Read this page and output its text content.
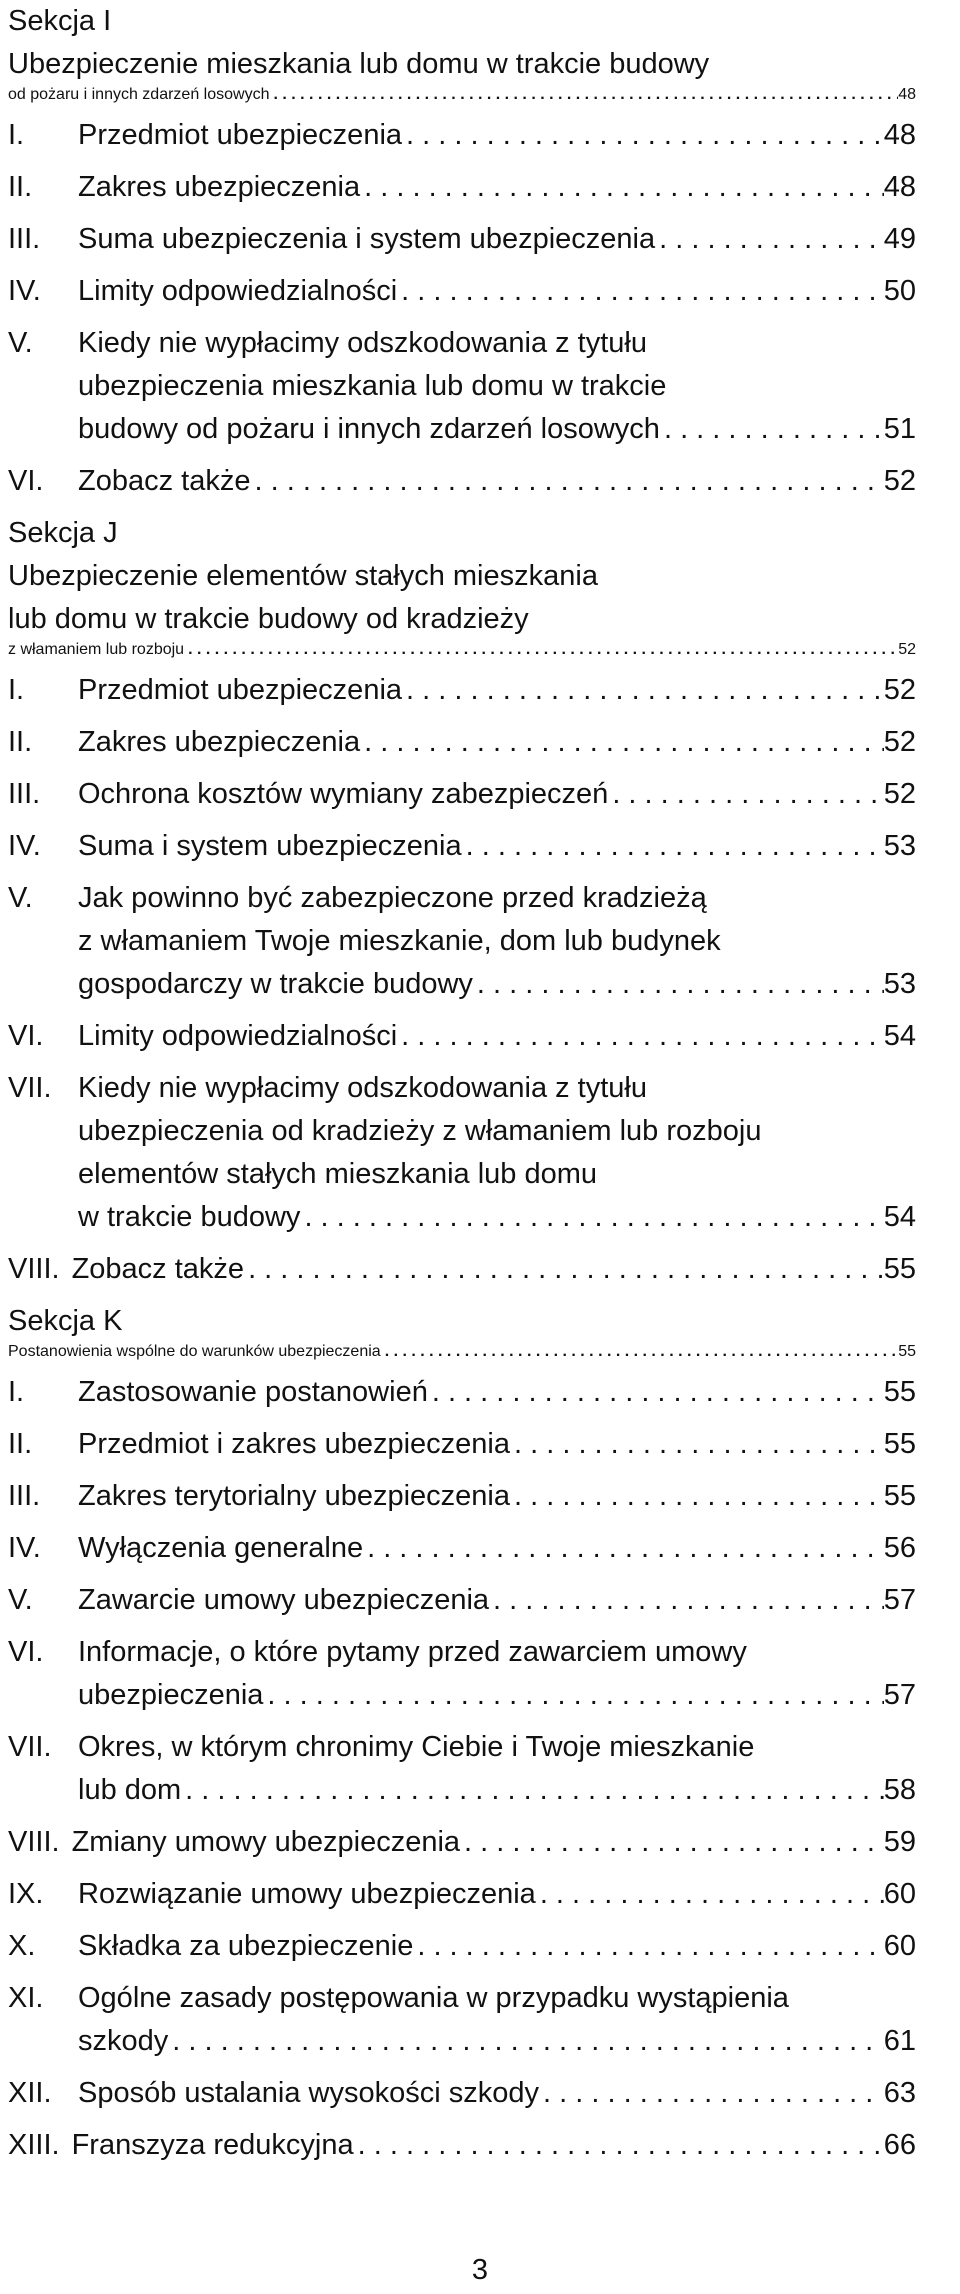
Sekcja I
Ubezpieczenie mieszkania lub domu w trakcie budowy
od pożaru i innych zdarzeń losowych . . .	48
I.	Przedmiot ubezpieczenia . . .	48
II.	Zakres ubezpieczenia . . .	48
III.	Suma ubezpieczenia i system ubezpieczenia . . .	49
IV.	Limity odpowiedzialności . . .	50
V.	Kiedy nie wypłacimy odszkodowania z tytułu
ubezpieczenia mieszkania lub domu w trakcie
budowy od pożaru i innych zdarzeń losowych . . .	51
VI.	Zobacz także . . .	52
Sekcja J
Ubezpieczenie elementów stałych mieszkania
lub domu w trakcie budowy od kradzieży
z włamaniem lub rozboju . . .	52
I.	Przedmiot ubezpieczenia . . .	52
II.	Zakres ubezpieczenia . . .	52
III.	Ochrona kosztów wymiany zabezpieczeń . . .	52
IV.	Suma i system ubezpieczenia . . .	53
V.	Jak powinno być zabezpieczone przed kradzieżą
z włamaniem Twoje mieszkanie, dom lub budynek
gospodarczy w trakcie budowy . . .	53
VI.	Limity odpowiedzialności . . .	54
VII. Kiedy nie wypłacimy odszkodowania z tytułu
ubezpieczenia od kradzieży z włamaniem lub rozboju
elementów stałych mieszkania lub domu
w trakcie budowy . . .	54
VIII. Zobacz także . . .	55
Sekcja K
Postanowienia wspólne do warunków ubezpieczenia . . .	55
I.	Zastosowanie postanowień . . .	55
II.	Przedmiot i zakres ubezpieczenia . . .	55
III.	Zakres terytorialny ubezpieczenia . . .	55
IV.	Wyłączenia generalne . . .	56
V.	Zawarcie umowy ubezpieczenia . . .	57
VI.	Informacje, o które pytamy przed zawarciem umowy
ubezpieczenia . . .	57
VII. Okres, w którym chronimy Ciebie i Twoje mieszkanie
lub dom . . .	58
VIII. Zmiany umowy ubezpieczenia . . .	59
IX.	Rozwiązanie umowy ubezpieczenia . . .	60
X.	Składka za ubezpieczenie . . .	60
XI.	Ogólne zasady postępowania w przypadku wystąpienia
szkody . . .	61
XII. Sposób ustalania wysokości szkody . . .	63
XIII. Franszyza redukcyjna . . .	66
3
